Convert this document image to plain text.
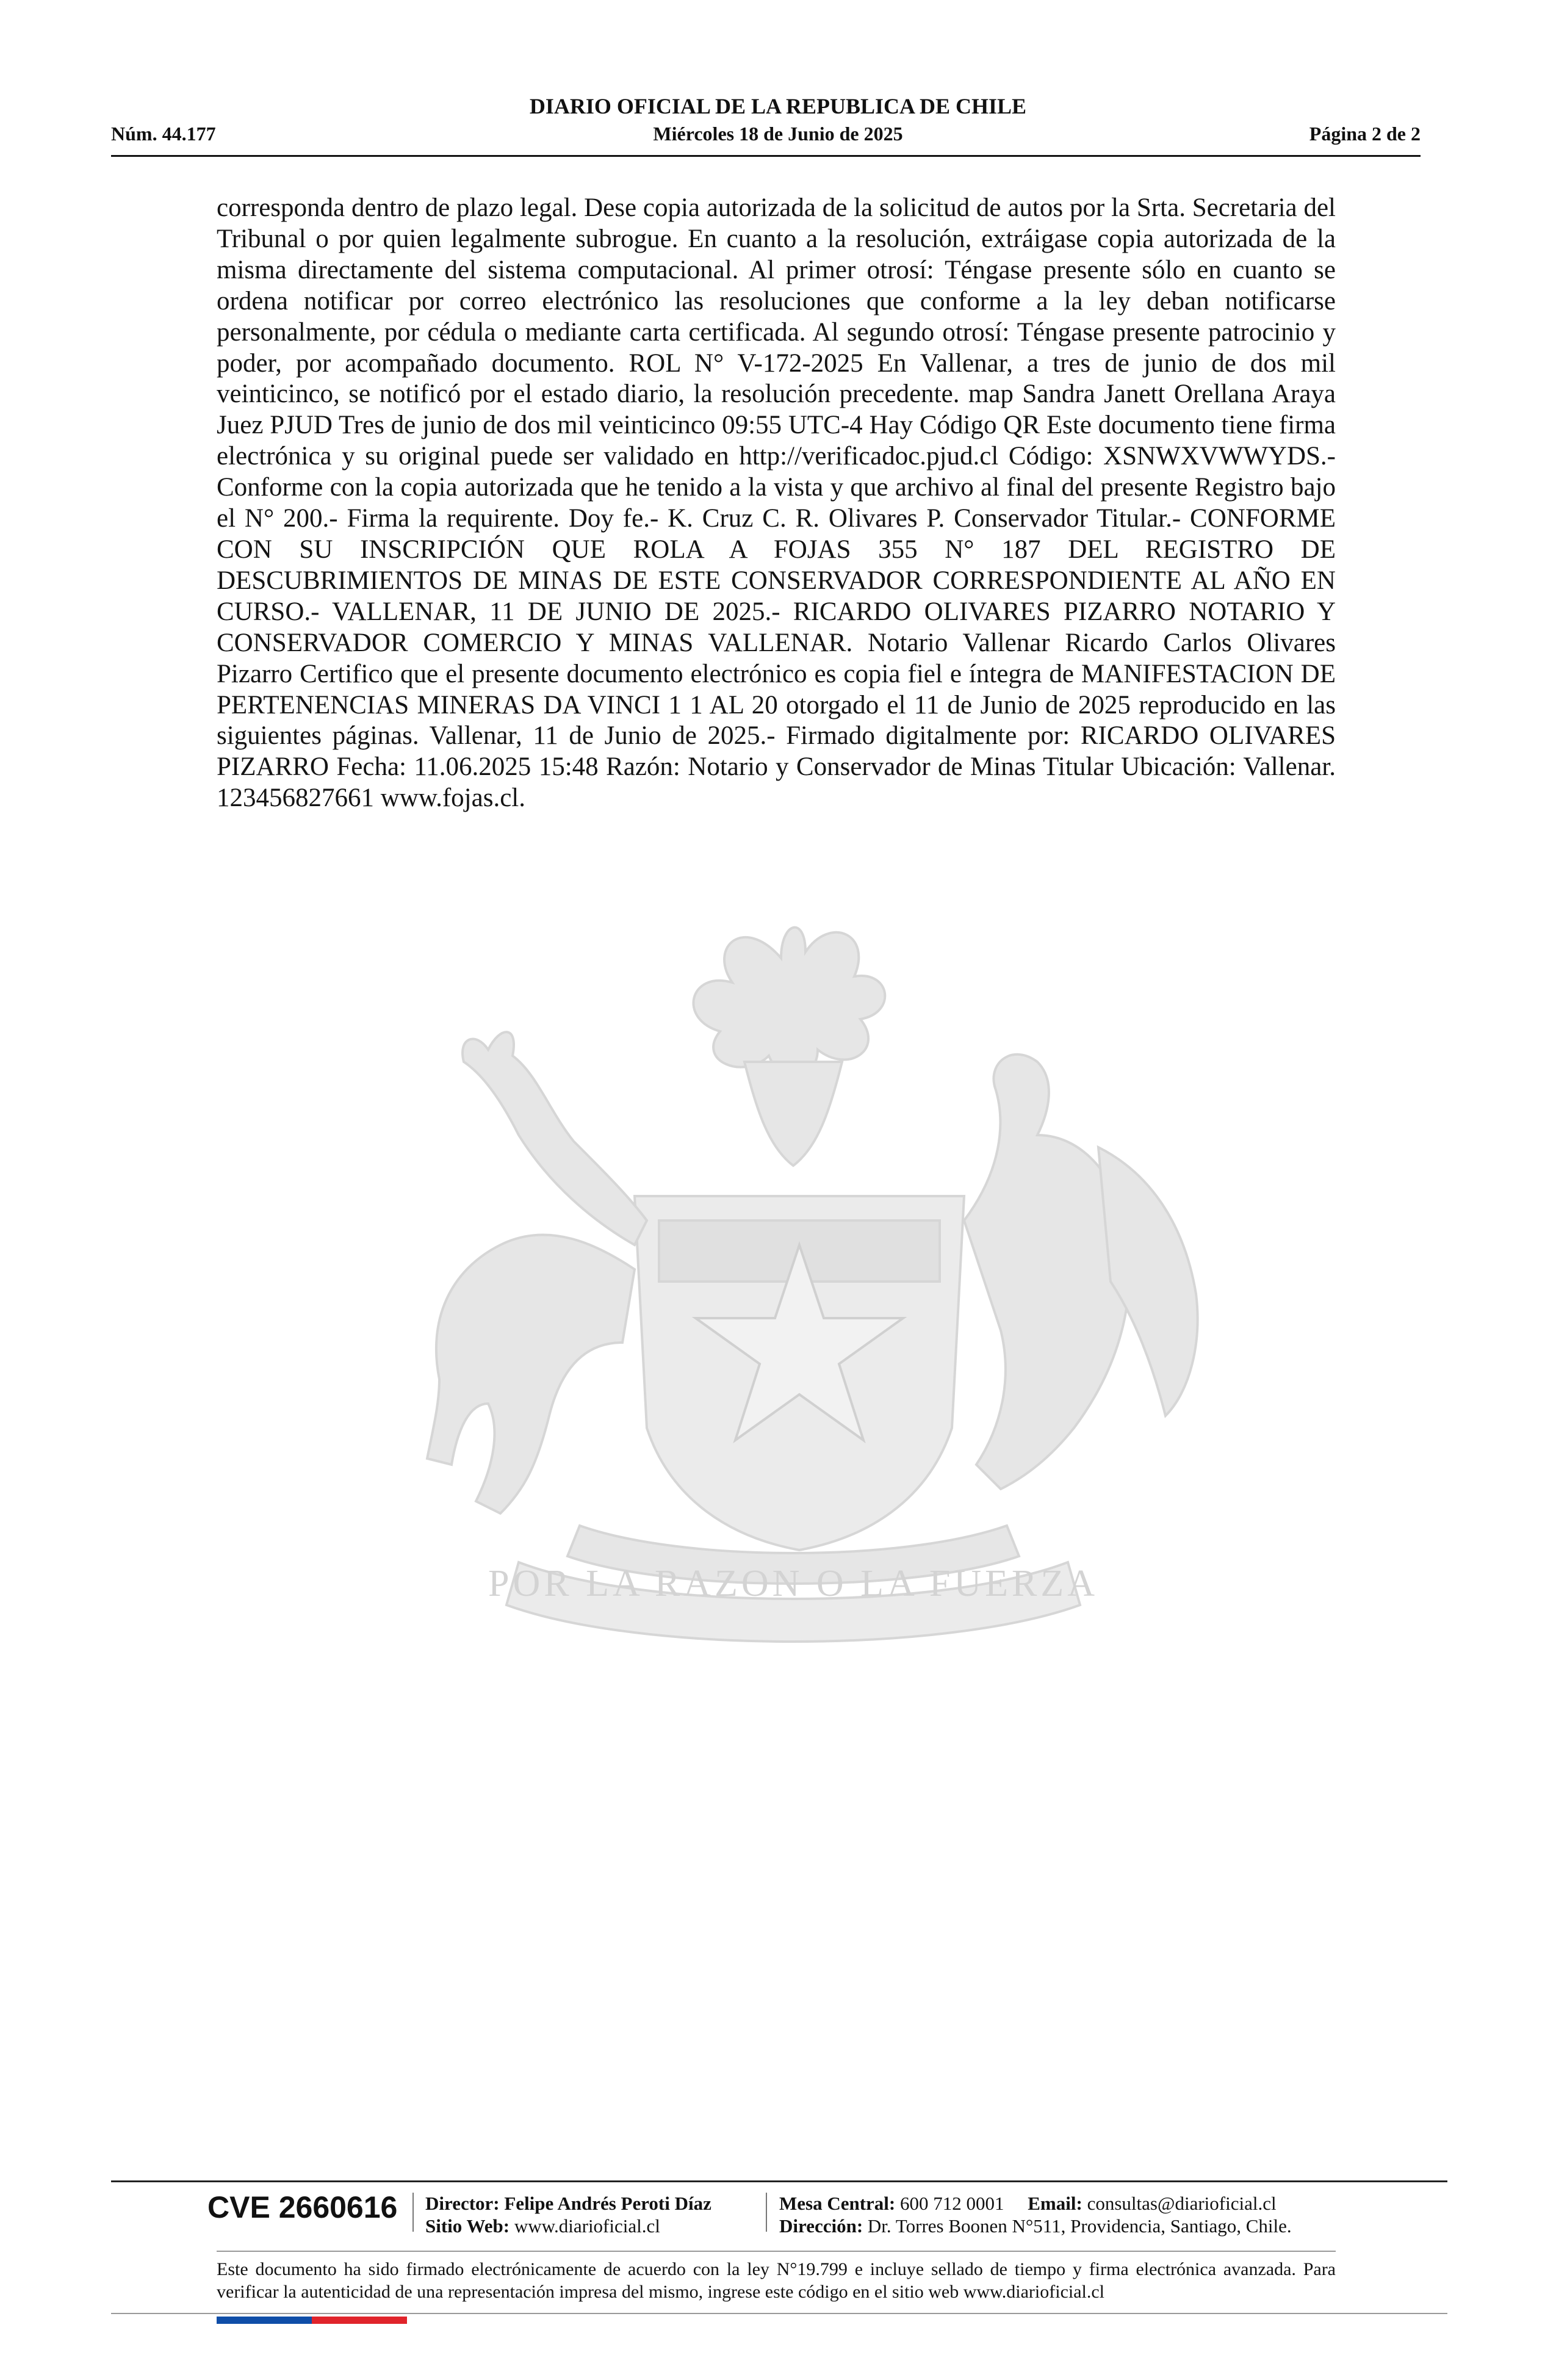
DIARIO OFICIAL DE LA REPUBLICA DE CHILE
Núm. 44.177	Miércoles 18 de Junio de 2025	Página 2 de 2
POR LA RAZON O LA FUERZA
corresponda dentro de plazo legal. Dese copia autorizada de la solicitud de autos por la Srta. Secretaria del Tribunal o por quien legalmente subrogue. En cuanto a la resolución, extráigase copia autorizada de la misma directamente del sistema computacional. Al primer otrosí: Téngase presente sólo en cuanto se ordena notificar por correo electrónico las resoluciones que conforme a la ley deban notificarse personalmente, por cédula o mediante carta certificada. Al segundo otrosí: Téngase presente patrocinio y poder, por acompañado documento. ROL N° V-172-2025 En Vallenar, a tres de junio de dos mil veinticinco, se notificó por el estado diario, la resolución precedente. map Sandra Janett Orellana Araya Juez PJUD Tres de junio de dos mil veinticinco 09:55 UTC-4 Hay Código QR Este documento tiene firma electrónica y su original puede ser validado en http://verificadoc.pjud.cl Código: XSNWXVWWYDS.- Conforme con la copia autorizada que he tenido a la vista y que archivo al final del presente Registro bajo el N° 200.- Firma la requirente. Doy fe.- K. Cruz C. R. Olivares P. Conservador Titular.- CONFORME CON SU INSCRIPCIÓN QUE ROLA A FOJAS 355 N° 187 DEL REGISTRO DE DESCUBRIMIENTOS DE MINAS DE ESTE CONSERVADOR CORRESPONDIENTE AL AÑO EN CURSO.- VALLENAR, 11 DE JUNIO DE 2025.- RICARDO OLIVARES PIZARRO NOTARIO Y CONSERVADOR COMERCIO Y MINAS VALLENAR. Notario Vallenar Ricardo Carlos Olivares Pizarro Certifico que el presente documento electrónico es copia fiel e íntegra de MANIFESTACION DE PERTENENCIAS MINERAS DA VINCI 1 1 AL 20 otorgado el 11 de Junio de 2025 reproducido en las siguientes páginas. Vallenar, 11 de Junio de 2025.- Firmado digitalmente por: RICARDO OLIVARES PIZARRO Fecha: 11.06.2025 15:48 Razón: Notario y Conservador de Minas Titular Ubicación: Vallenar. 123456827661 www.fojas.cl.
CVE 2660616 Director: Felipe Andrés Peroti Díaz
Sitio Web: www.diarioficial.cl
Mesa Central: 600 712 0001 Email: consultas@diarioficial.cl
Dirección: Dr. Torres Boonen N°511, Providencia, Santiago, Chile.
Este documento ha sido firmado electrónicamente de acuerdo con la ley N°19.799 e incluye sellado de tiempo y firma electrónica avanzada. Para verificar la autenticidad de una representación impresa del mismo, ingrese este código en el sitio web www.diarioficial.cl
